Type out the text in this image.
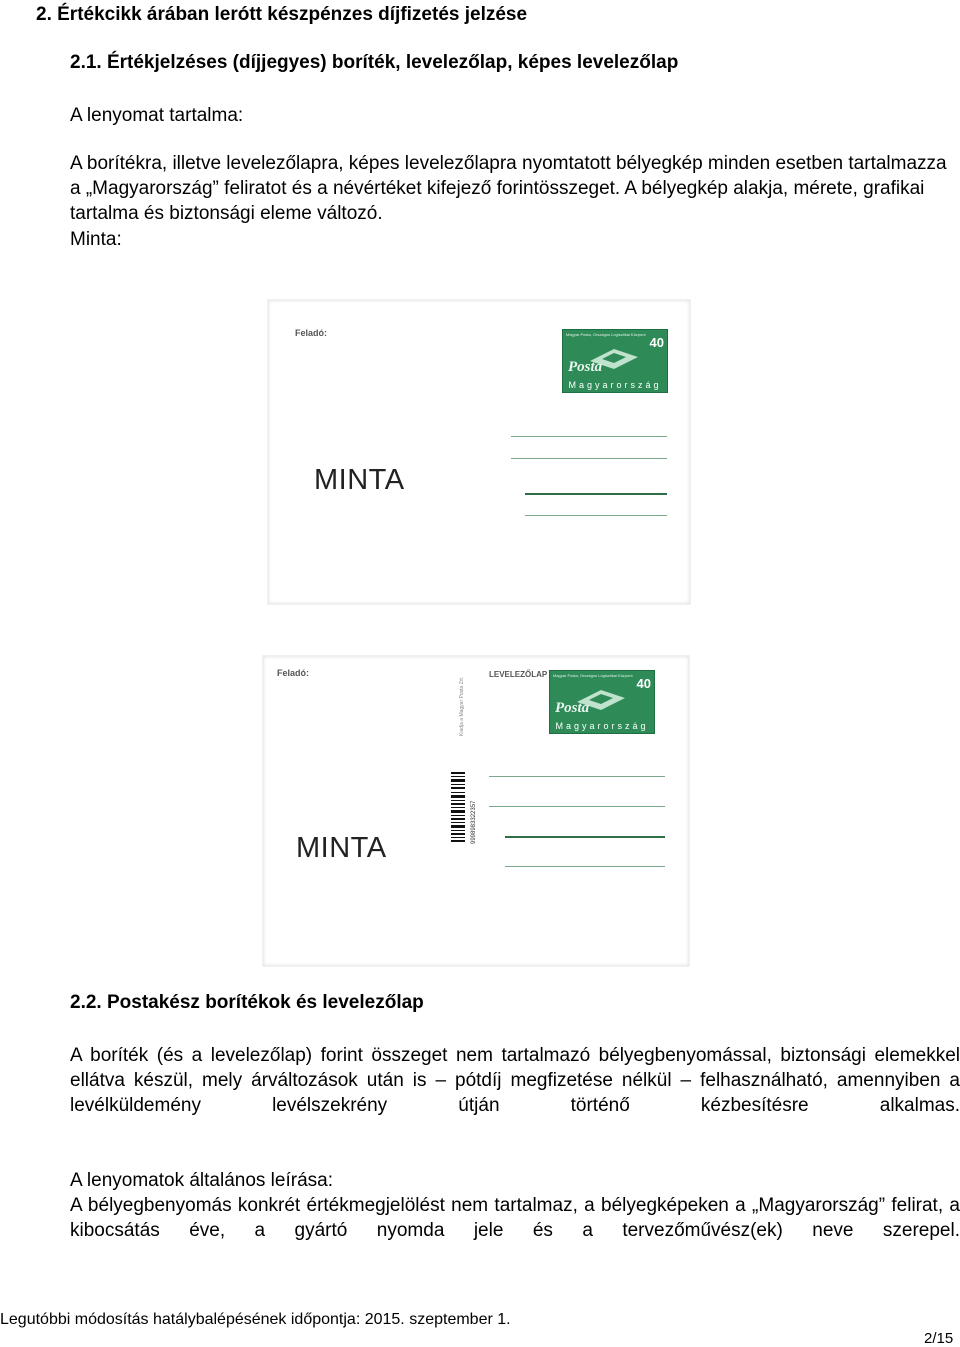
2. Értékcikk árában lerótt készpénzes díjfizetés jelzése
2.1. Értékjelzéses (díjjegyes) boríték, levelezőlap, képes levelezőlap
A lenyomat tartalma:
A borítékra, illetve levelezőlapra, képes levelezőlapra nyomtatott bélyegkép minden esetben tartalmazza a „Magyarország” feliratot és a névértéket kifejező forintösszeget. A bélyegkép alakja, mérete, grafikai tartalma és biztonsági eleme változó.
Minta:
Feladó:	Magyar Posta, Országos Logisztikai Központ
40
Posta
Magyarország
MINTA
Feladó:	LEVELEZŐLAP
Kiadja a Magyar Posta Zrt.
Magyar Posta, Országos Logisztikai Központ
40
Posta
Magyarország
9998983322357
MINTA
2.2. Postakész borítékok és levelezőlap
A boríték (és a levelezőlap) forint összeget nem tartalmazó bélyegbenyomással, biztonsági elemekkel ellátva készül, mely árváltozások után is – pótdíj megfizetése nélkül – felhasználható, amennyiben a levélküldemény levélszekrény útján történő kézbesítésre alkalmas.
A lenyomatok általános leírása:
A bélyegbenyomás konkrét értékmegjelölést nem tartalmaz, a bélyegképeken a „Magyarország” felirat, a kibocsátás éve, a gyártó nyomda jele és a tervezőművész(ek) neve szerepel.
Legutóbbi módosítás hatálybalépésének időpontja: 2015. szeptember 1.
2/15
